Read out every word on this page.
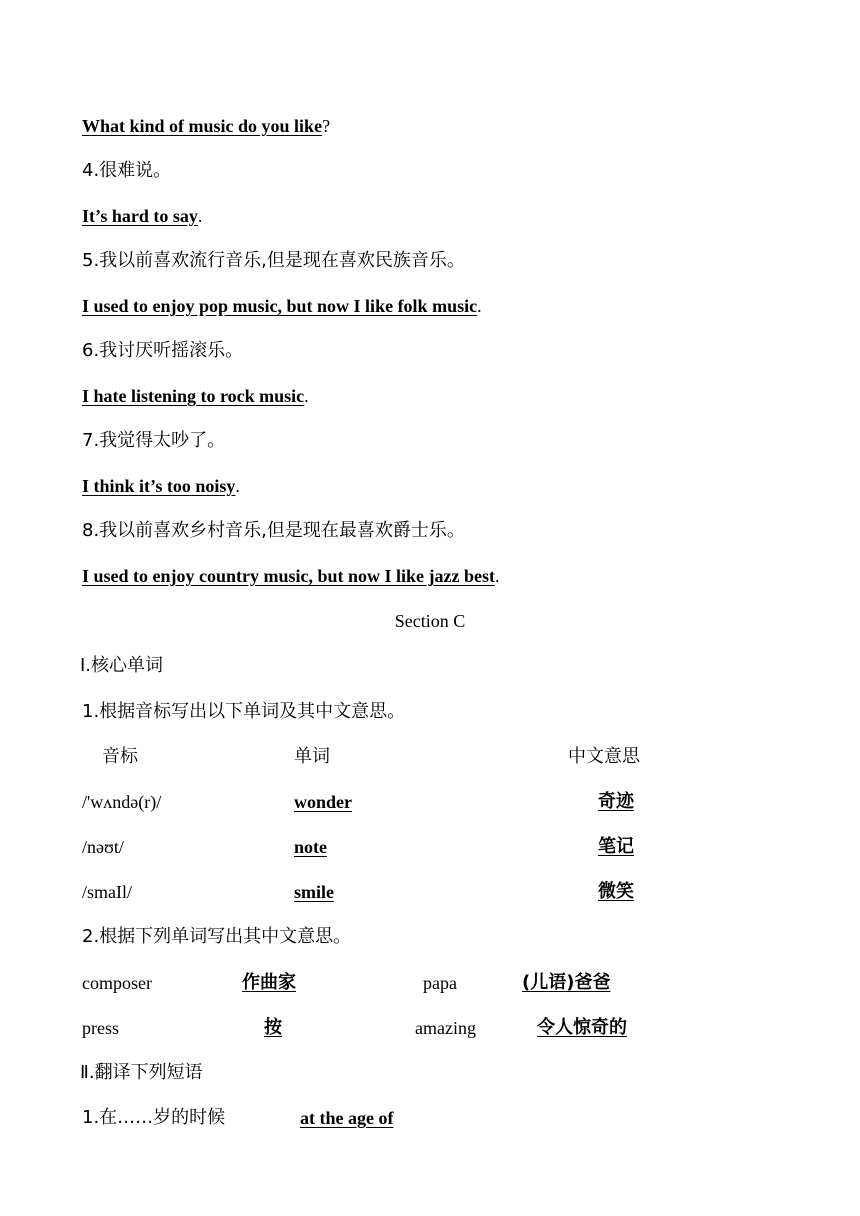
What kind of music do you like?
4.很难说。
It’s hard to say.
5.我以前喜欢流行音乐,但是现在喜欢民族音乐。
I used to enjoy pop music, but now I like folk music.
6.我讨厌听摇滚乐。
I hate listening to rock music.
7.我觉得太吵了。
I think it’s too noisy.
8.我以前喜欢乡村音乐,但是现在最喜欢爵士乐。
I used to enjoy country music, but now I like jazz best.
Section C
Ⅰ.核心单词
1.根据音标写出以下单词及其中文意思。
音标	单词	中文意思
/'wʌndə(r)/	wonder	奇迹
/nəʊt/	note	笔记
/smaIl/	smile	微笑
2.根据下列单词写出其中文意思。
composer	作曲家	papa	(儿语)爸爸
press	按	amazing	令人惊奇的
Ⅱ.翻译下列短语
1.在……岁的时候	at the age of
